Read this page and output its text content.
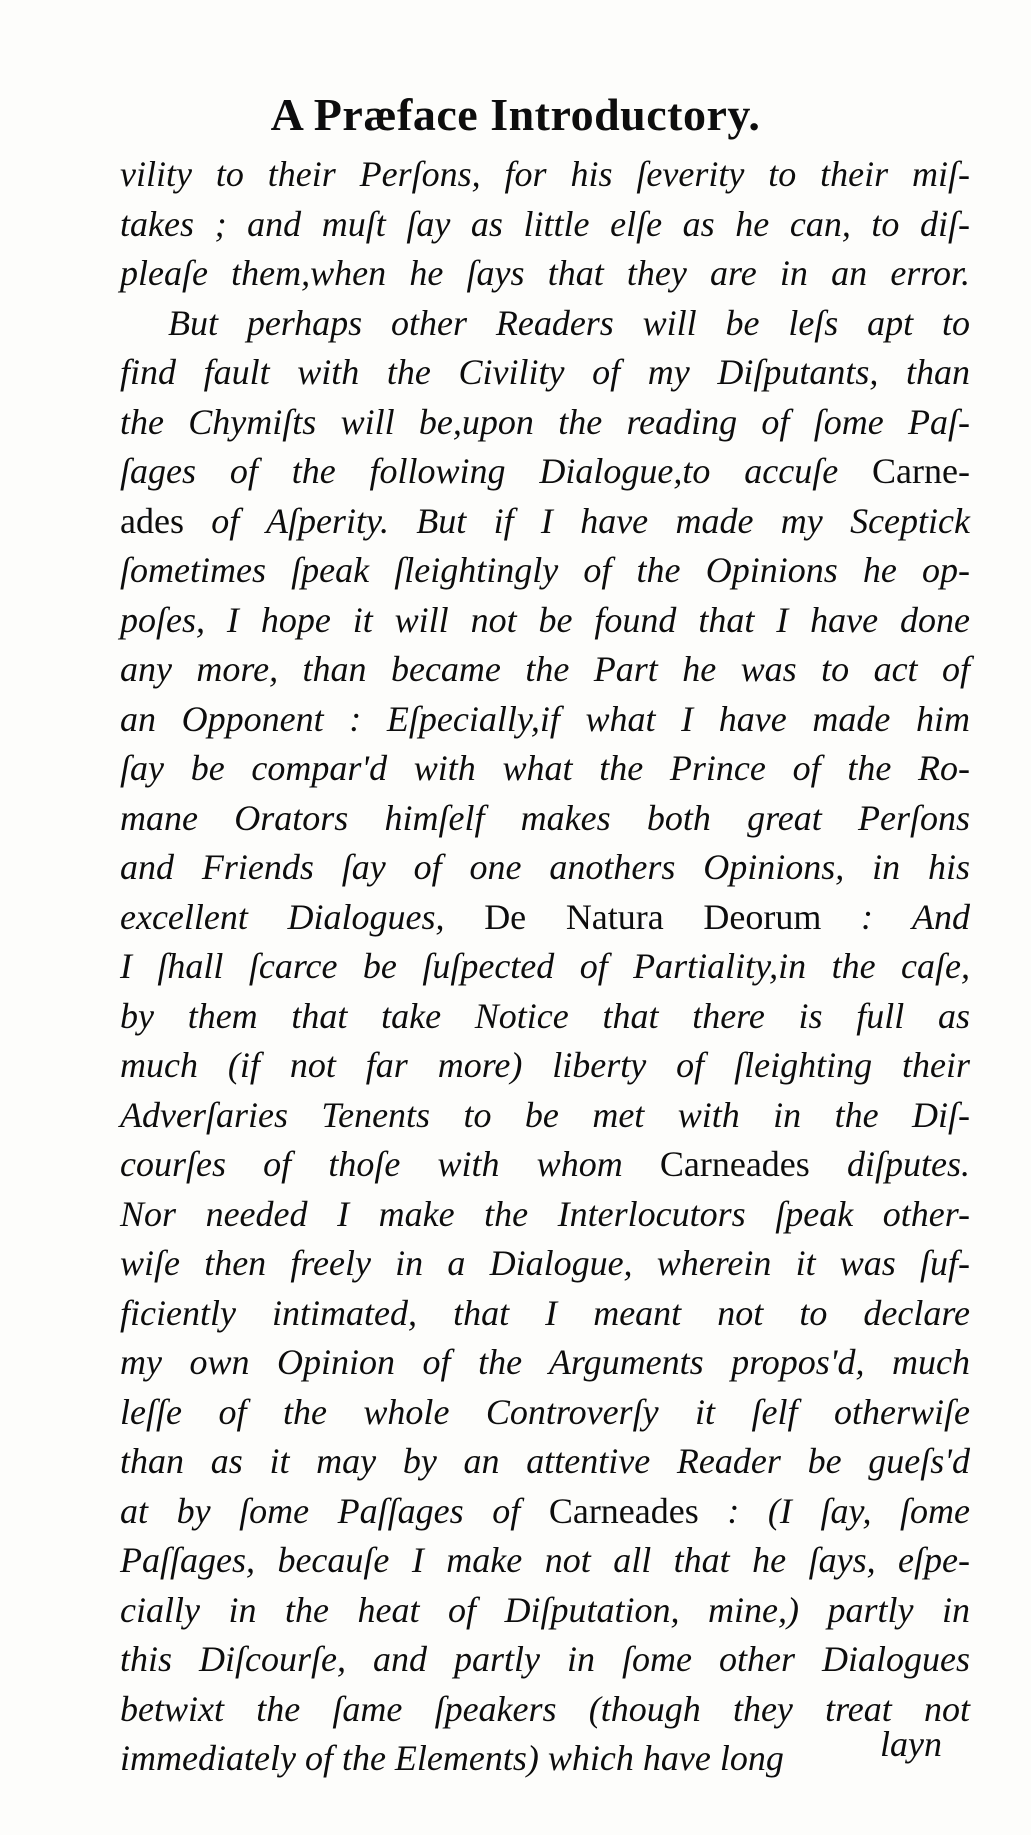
A Præface Introductory.
vility to their Perſons, for his ſeverity to their miſ-
takes ; and muſt ſay as little elſe as he can, to diſ-
pleaſe them,when he ſays that they are in an error.
But perhaps other Readers will be leſs apt to
find fault with the Civility of my Diſputants, than
the Chymiſts will be,upon the reading of ſome Paſ-
ſages of the following Dialogue,to accuſe Carne-
ades of Aſperity. But if I have made my Sceptick
ſometimes ſpeak ſleightingly of the Opinions he op-
poſes, I hope it will not be found that I have done
any more, than became the Part he was to act of
an Opponent : Eſpecially,if what I have made him
ſay be compar'd with what the Prince of the Ro-
mane Orators himſelf makes both great Perſons
and Friends ſay of one anothers Opinions, in his
excellent Dialogues, De Natura Deorum : And
I ſhall ſcarce be ſuſpected of Partiality,in the caſe,
by them that take Notice that there is full as
much (if not far more) liberty of ſleighting their
Adverſaries Tenents to be met with in the Diſ-
courſes of thoſe with whom Carneades diſputes.
Nor needed I make the Interlocutors ſpeak other-
wiſe then freely in a Dialogue, wherein it was ſuf-
ficiently intimated, that I meant not to declare
my own Opinion of the Arguments propos'd, much
leſſe of the whole Controverſy it ſelf otherwiſe
than as it may by an attentive Reader be gueſs'd
at by ſome Paſſages of Carneades : (I ſay, ſome
Paſſages, becauſe I make not all that he ſays, eſpe-
cially in the heat of Diſputation, mine,) partly in
this Diſcourſe, and partly in ſome other Dialogues
betwixt the ſame ſpeakers (though they treat not
immediately of the Elements) which have long	layn
